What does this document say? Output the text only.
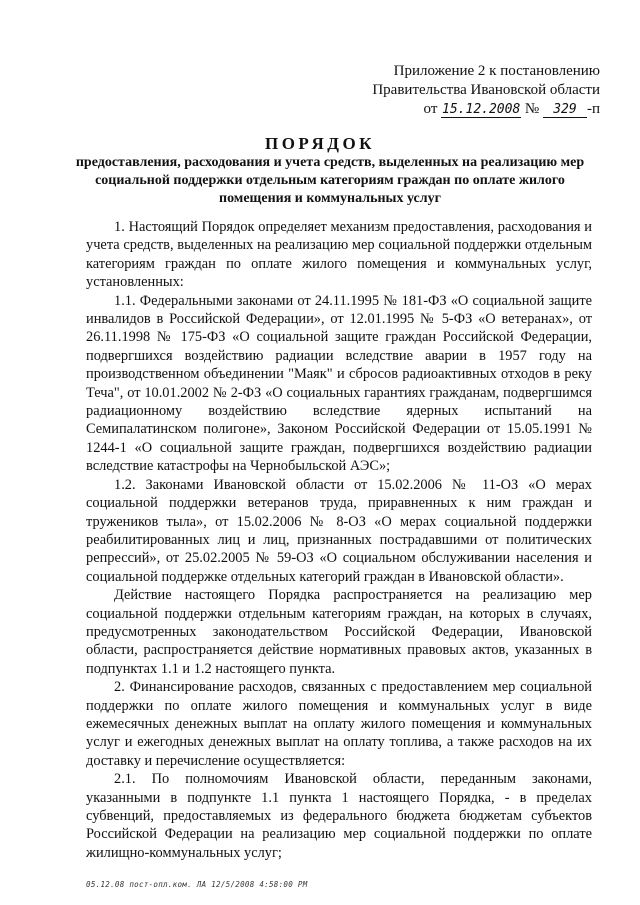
Приложение 2 к постановлению
Правительства Ивановской области
от 15.12.2008 № 329 -п
ПОРЯДОК
предоставления, расходования и учета средств, выделенных на реализацию мер социальной поддержки отдельным категориям граждан по оплате жилого помещения и коммунальных услуг

1. Настоящий Порядок определяет механизм предоставления, расходования и учета средств, выделенных на реализацию мер социальной поддержки отдельным категориям граждан по оплате жилого помещения и коммунальных услуг, установленных:

1.1. Федеральными законами от 24.11.1995 № 181-ФЗ «О социальной защите инвалидов в Российской Федерации», от 12.01.1995 № 5-ФЗ «О ветеранах», от 26.11.1998 № 175-ФЗ «О социальной защите граждан Российской Федерации, подвергшихся воздействию радиации вследствие аварии в 1957 году на производственном объединении "Маяк" и сбросов радиоактивных отходов в реку Теча", от 10.01.2002 № 2-ФЗ «О социальных гарантиях гражданам, подвергшимся радиационному воздействию вследствие ядерных испытаний на Семипалатинском полигоне», Законом Российской Федерации от 15.05.1991 № 1244-1 «О социальной защите граждан, подвергшихся воздействию радиации вследствие катастрофы на Чернобыльской АЭС»;

1.2. Законами Ивановской области от 15.02.2006 № 11-ОЗ «О мерах социальной поддержки ветеранов труда, приравненных к ним граждан и тружеников тыла», от 15.02.2006 № 8-ОЗ «О мерах социальной поддержки реабилитированных лиц и лиц, признанных пострадавшими от политических репрессий», от 25.02.2005 № 59-ОЗ «О социальном обслуживании населения и социальной поддержке отдельных категорий граждан в Ивановской области».

Действие настоящего Порядка распространяется на реализацию мер социальной поддержки отдельным категориям граждан, на которых в случаях, предусмотренных законодательством Российской Федерации, Ивановской области, распространяется действие нормативных правовых актов, указанных в подпунктах 1.1 и 1.2 настоящего пункта.

2. Финансирование расходов, связанных с предоставлением мер социальной поддержки по оплате жилого помещения и коммунальных услуг в виде ежемесячных денежных выплат на оплату жилого помещения и коммунальных услуг и ежегодных денежных выплат на оплату топлива, а также расходов на их доставку и перечисление осуществляется:

2.1. По полномочиям Ивановской области, переданным законами, указанными в подпункте 1.1 пункта 1 настоящего Порядка, - в пределах субвенций, предоставляемых из федерального бюджета бюджетам субъектов Российской Федерации на реализацию мер социальной поддержки по оплате жилищно-коммунальных услуг;

05.12.08 пост-опл.ком. ЛА 12/5/2008 4:58:00 PM
